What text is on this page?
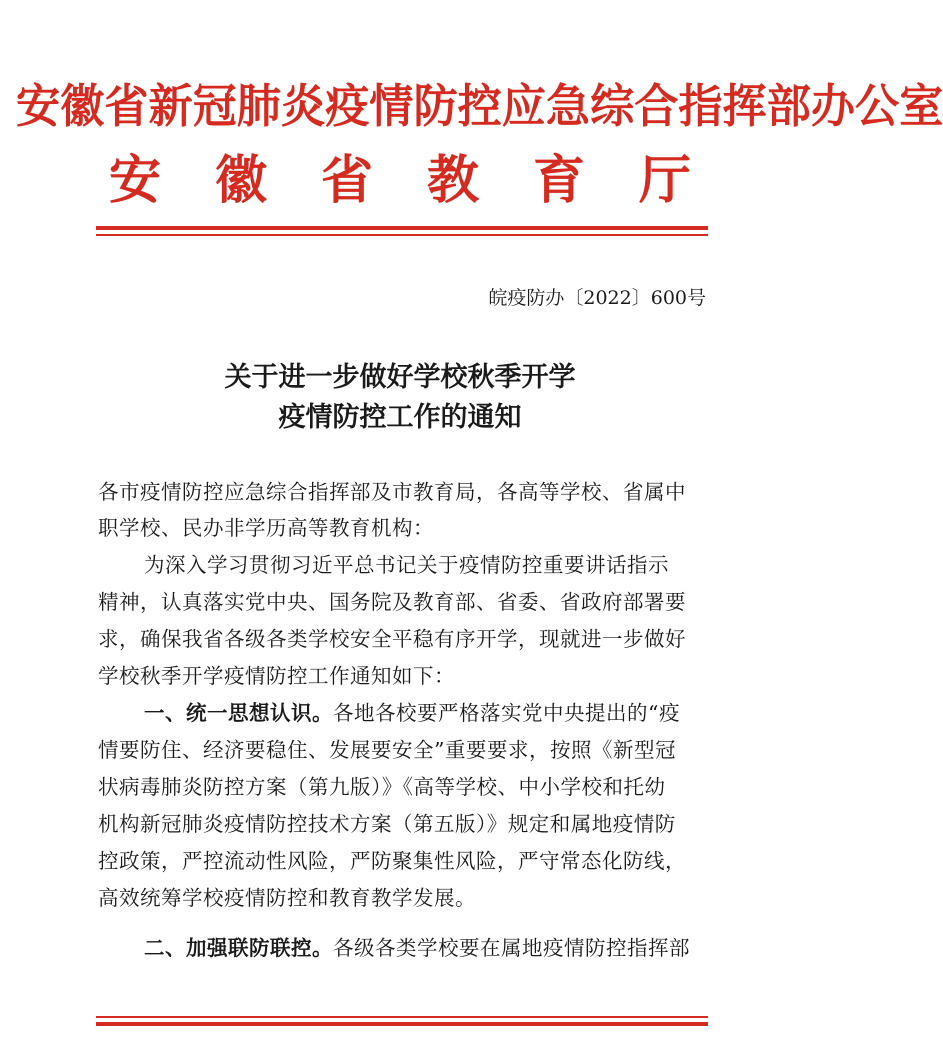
安徽省新冠肺炎疫情防控应急综合指挥部办公室
安徽省教育厅
皖疫防办〔2022〕600号
关于进一步做好学校秋季开学
疫情防控工作的通知
各市疫情防控应急综合指挥部及市教育局，各高等学校、省属中
职学校、民办非学历高等教育机构：
为深入学习贯彻习近平总书记关于疫情防控重要讲话指示
精神，认真落实党中央、国务院及教育部、省委、省政府部署要
求，确保我省各级各类学校安全平稳有序开学，现就进一步做好
学校秋季开学疫情防控工作通知如下：
一、统一思想认识。各地各校要严格落实党中央提出的“疫
情要防住、经济要稳住、发展要安全”重要要求，按照《新型冠
状病毒肺炎防控方案（第九版）》《高等学校、中小学校和托幼
机构新冠肺炎疫情防控技术方案（第五版）》规定和属地疫情防
控政策，严控流动性风险，严防聚集性风险，严守常态化防线，
高效统筹学校疫情防控和教育教学发展。
二、加强联防联控。各级各类学校要在属地疫情防控指挥部
